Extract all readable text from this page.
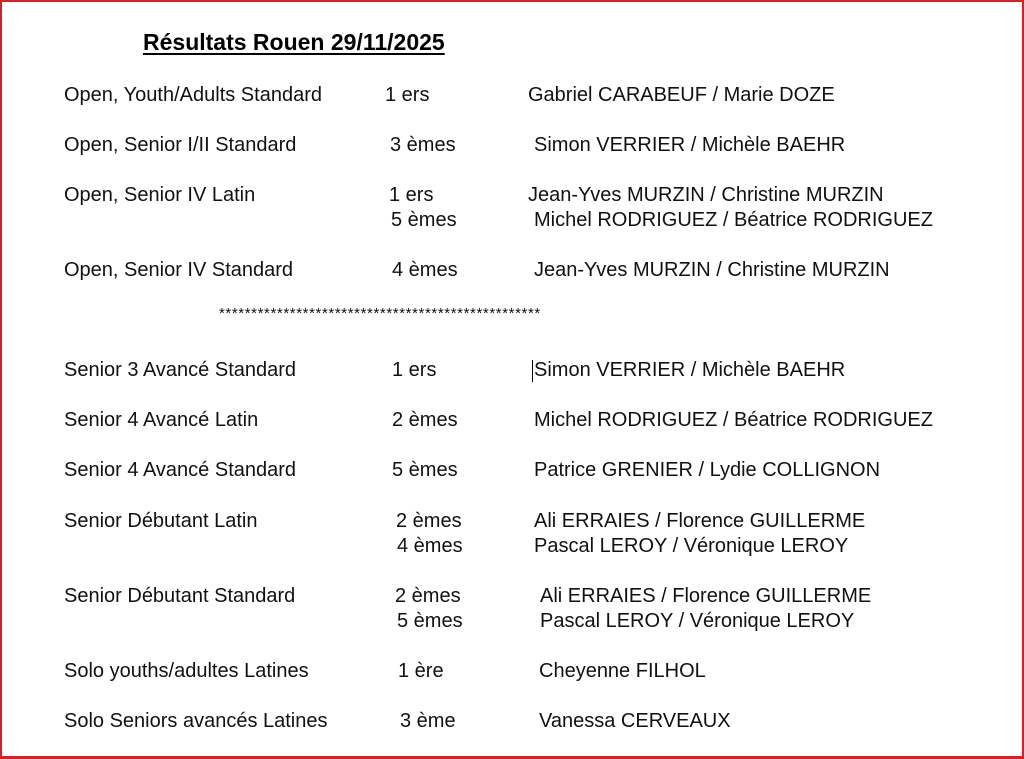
Résultats Rouen 29/11/2025
Open, Youth/Adults Standard	1 ers	Gabriel CARABEUF / Marie DOZE
Open, Senior I/II Standard	3 èmes	Simon VERRIER / Michèle BAEHR
Open, Senior IV Latin	1 ers	Jean-Yves MURZIN / Christine MURZIN
5 èmes	Michel RODRIGUEZ / Béatrice RODRIGUEZ
Open, Senior IV Standard	4 èmes	Jean-Yves MURZIN / Christine MURZIN
**************************************************
Senior 3 Avancé Standard	1 ers	Simon VERRIER / Michèle BAEHR
Senior 4 Avancé Latin	2 èmes	Michel RODRIGUEZ / Béatrice RODRIGUEZ
Senior 4 Avancé Standard	5 èmes	Patrice GRENIER / Lydie COLLIGNON
Senior Débutant Latin	2 èmes	Ali ERRAIES / Florence GUILLERME
4 èmes	Pascal LEROY / Véronique LEROY
Senior Débutant Standard	2 èmes	Ali ERRAIES / Florence GUILLERME
5 èmes	Pascal LEROY / Véronique LEROY
Solo youths/adultes Latines	1 ère	Cheyenne FILHOL
Solo Seniors avancés Latines	3 ème	Vanessa CERVEAUX
